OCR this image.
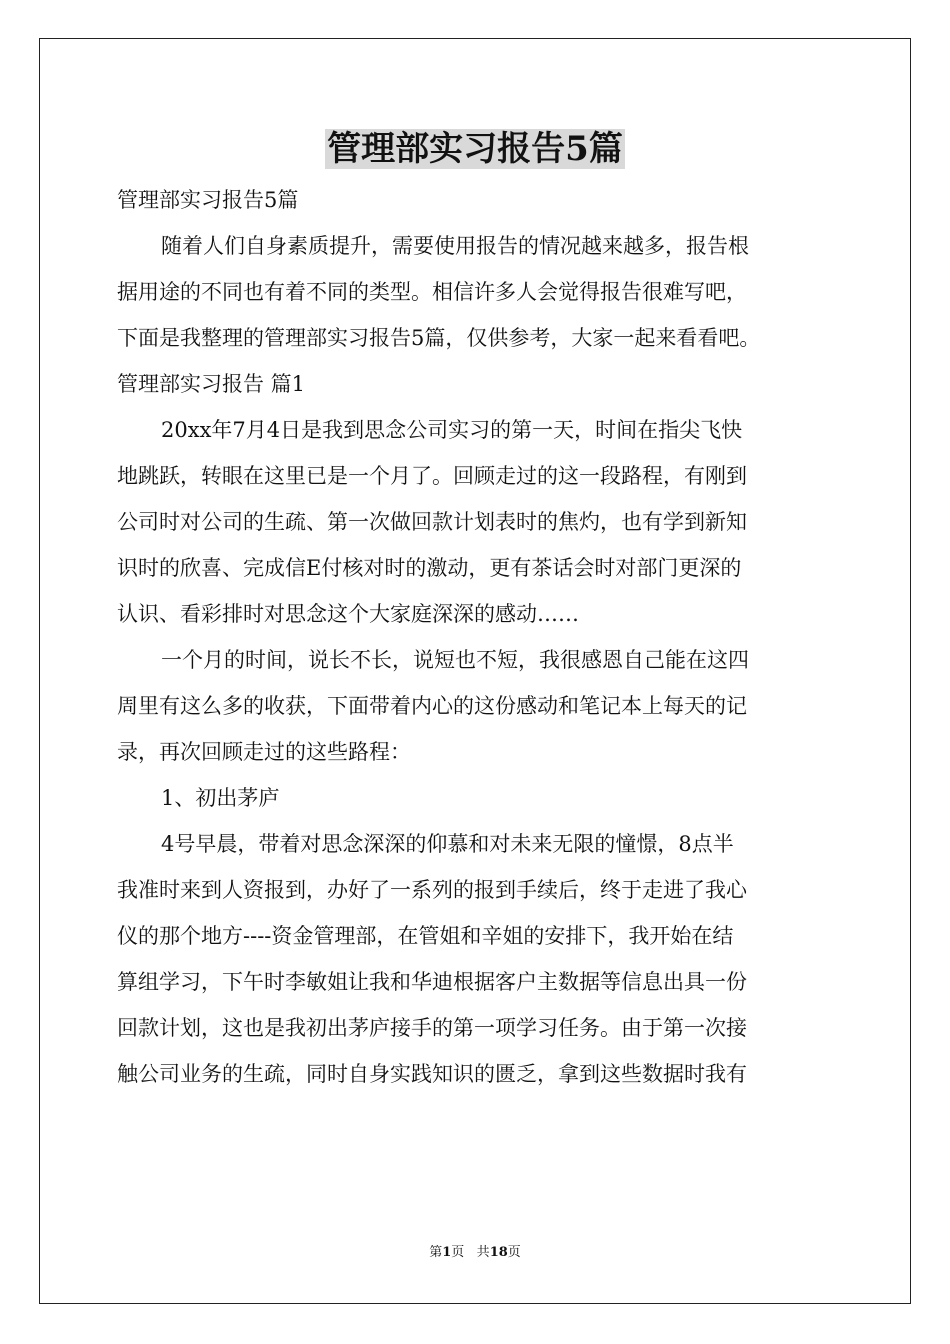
管理部实习报告5篇
管理部实习报告5篇
随着人们自身素质提升，需要使用报告的情况越来越多，报告根
据用途的不同也有着不同的类型。相信许多人会觉得报告很难写吧，
下面是我整理的管理部实习报告5篇，仅供参考，大家一起来看看吧。
管理部实习报告 篇1
20xx年7月4日是我到思念公司实习的第一天，时间在指尖飞快
地跳跃，转眼在这里已是一个月了。回顾走过的这一段路程，有刚到
公司时对公司的生疏、第一次做回款计划表时的焦灼，也有学到新知
识时的欣喜、完成信E付核对时的激动，更有茶话会时对部门更深的
认识、看彩排时对思念这个大家庭深深的感动……
一个月的时间，说长不长，说短也不短，我很感恩自己能在这四
周里有这么多的收获，下面带着内心的这份感动和笔记本上每天的记
录，再次回顾走过的这些路程：
1、初出茅庐
4号早晨，带着对思念深深的仰慕和对未来无限的憧憬，8点半
我准时来到人资报到，办好了一系列的报到手续后，终于走进了我心
仪的那个地方----资金管理部，在管姐和辛姐的安排下，我开始在结
算组学习，下午时李敏姐让我和华迪根据客户主数据等信息出具一份
回款计划，这也是我初出茅庐接手的第一项学习任务。由于第一次接
触公司业务的生疏，同时自身实践知识的匮乏，拿到这些数据时我有
第1页 共18页
